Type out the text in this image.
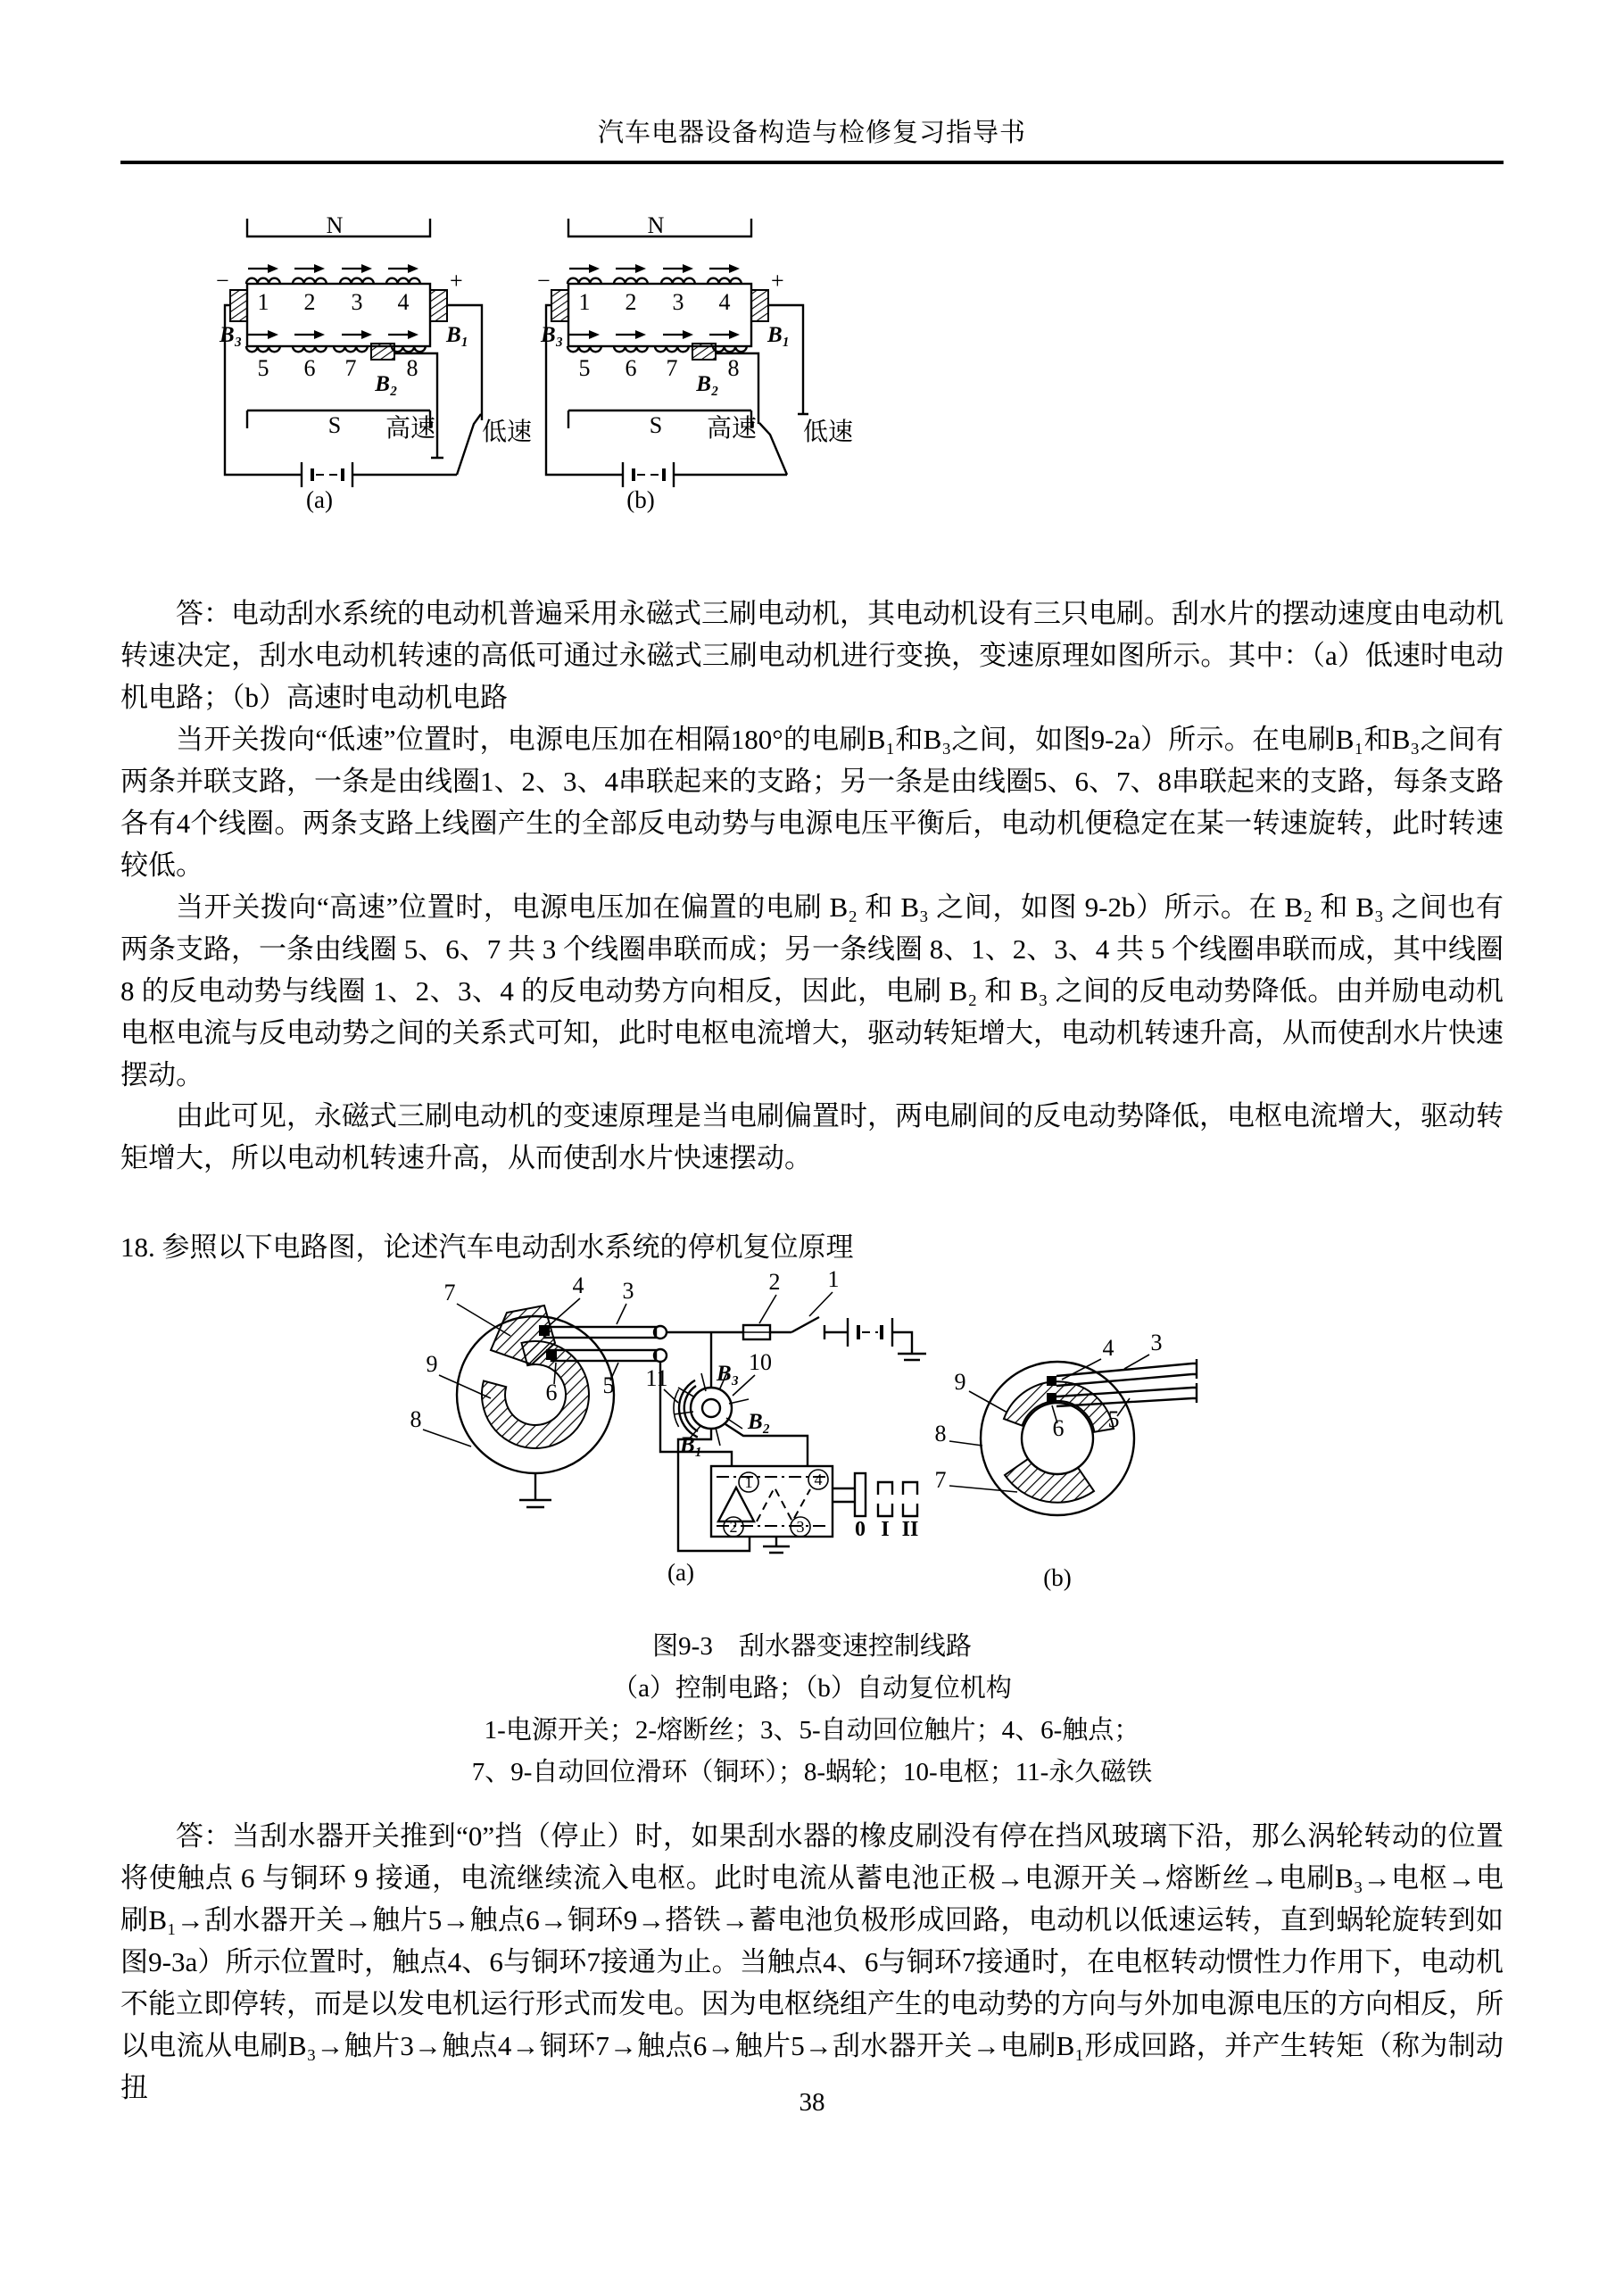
汽车电器设备构造与检修复习指导书
N
1 2 3 4
5 6 7 8
−	+
B₃	B₁
B₂
S 高速 低速
(a)
N
1 2 3 4
5 6 7 8
−	+
B₃	B₁
B₂
S 高速 低速
(b)

答：电动刮水系统的电动机普遍采用永磁式三刷电动机，其电动机设有三只电刷。刮水片的摆动速度由电动机转速决定，刮水电动机转速的高低可通过永磁式三刷电动机进行变换，变速原理如图所示。其中：（a）低速时电动机电路；（b）高速时电动机电路

当开关拨向“低速”位置时，电源电压加在相隔180°的电刷B₁和B₃之间，如图9-2a）所示。在电刷B₁和B₃之间有两条并联支路，一条是由线圈1、2、3、4串联起来的支路；另一条是由线圈5、6、7、8串联起来的支路，每条支路各有4个线圈。两条支路上线圈产生的全部反电动势与电源电压平衡后，电动机便稳定在某一转速旋转，此时转速较低。

当开关拨向“高速”位置时，电源电压加在偏置的电刷 B₂ 和 B₃ 之间，如图 9-2b）所示。在 B₂ 和 B₃ 之间也有两条支路，一条由线圈 5、6、7 共 3 个线圈串联而成；另一条线圈 8、1、2、3、4 共 5 个线圈串联而成，其中线圈 8 的反电动势与线圈 1、2、3、4 的反电动势方向相反，因此，电刷 B₂ 和 B₃ 之间的反电动势降低。由并励电动机电枢电流与反电动势之间的关系式可知，此时电枢电流增大，驱动转矩增大，电动机转速升高，从而使刮水片快速摆动。

由此可见，永磁式三刷电动机的变速原理是当电刷偏置时，两电刷间的反电动势降低，电枢电流增大，驱动转矩增大，所以电动机转速升高，从而使刮水片快速摆动。

18. 参照以下电路图，论述汽车电动刮水系统的停机复位原理

7
9
8
4 3
6 5
2 1
B₃ 10
11
B₂
B₁
1	4
2	3 0 I II
(a)
9
8
7
6 5
4 3
(b)
图9-3　刮水器变速控制线路
（a）控制电路；（b）自动复位机构
1-电源开关；2-熔断丝；3、5-自动回位触片；4、6-触点；
7、9-自动回位滑环（铜环）；8-蜗轮；10-电枢；11-永久磁铁

答：当刮水器开关推到“0”挡（停止）时，如果刮水器的橡皮刷没有停在挡风玻璃下沿，那么涡轮转动的位置将使触点 6 与铜环 9 接通，电流继续流入电枢。此时电流从蓄电池正极→电源开关→熔断丝→电刷B₃→电枢→电刷B₁→刮水器开关→触片5→触点6→铜环9→搭铁→蓄电池负极形成回路，电动机以低速运转，直到蜗轮旋转到如图9-3a）所示位置时，触点4、6与铜环7接通为止。当触点4、6与铜环7接通时，在电枢转动惯性力作用下，电动机不能立即停转，而是以发电机运行形式而发电。因为电枢绕组产生的电动势的方向与外加电源电压的方向相反，所以电流从电刷B₃→触片3→触点4→铜环7→触点6→触片5→刮水器开关→电刷B₁形成回路，并产生转矩（称为制动扭	38
